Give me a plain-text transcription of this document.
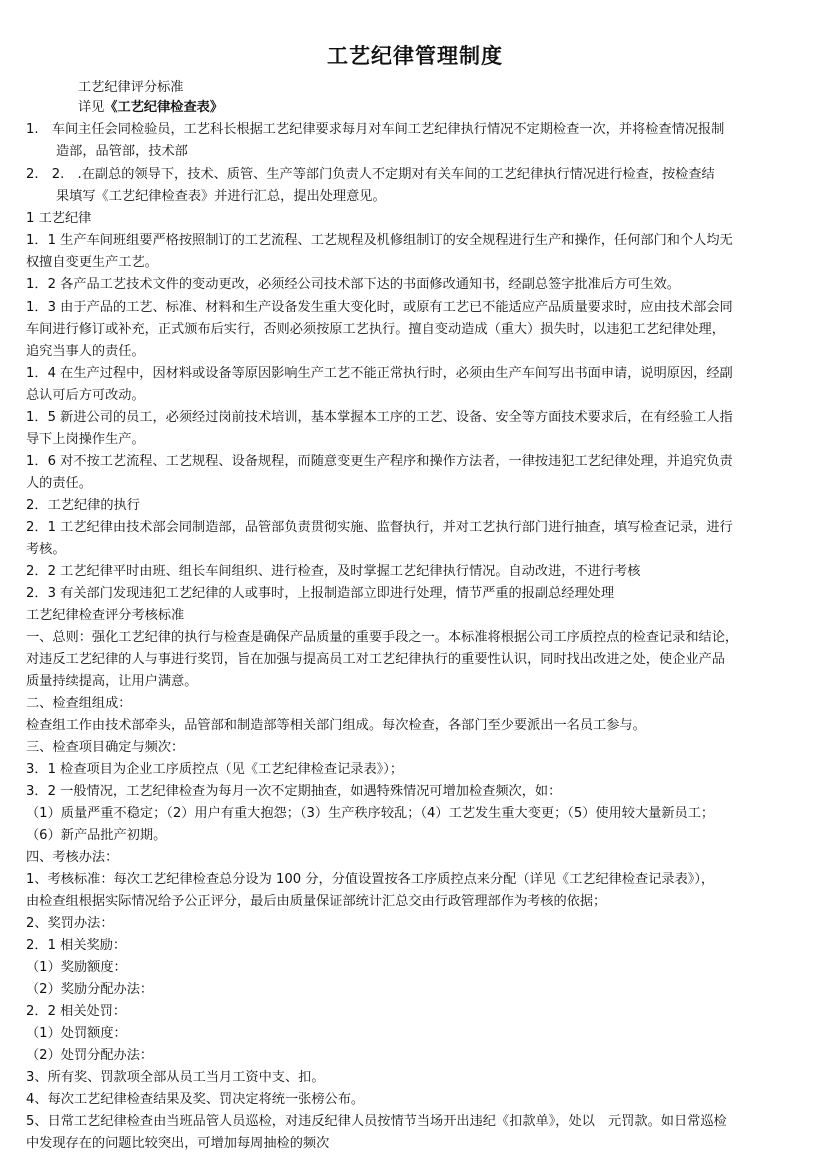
工艺纪律管理制度
工艺纪律评分标准
详见《工艺纪律检查表》
1.　车间主任会同检验员，工艺科长根据工艺纪律要求每月对车间工艺纪律执行情况不定期检查一次，并将检查情况报制
造部，品管部，技术部
2.　2.　.在副总的领导下，技术、质管、生产等部门负责人不定期对有关车间的工艺纪律执行情况进行检查，按检查结
果填写《工艺纪律检查表》并进行汇总，提出处理意见。
1 工艺纪律
1．1 生产车间班组要严格按照制订的工艺流程、工艺规程及机修组制订的安全规程进行生产和操作，任何部门和个人均无
权擅自变更生产工艺。
1．2 各产品工艺技术文件的变动更改，必须经公司技术部下达的书面修改通知书，经副总签字批准后方可生效。
1．3 由于产品的工艺、标准、材料和生产设备发生重大变化时，或原有工艺已不能适应产品质量要求时，应由技术部会同
车间进行修订或补充，正式颁布后实行，否则必须按原工艺执行。擅自变动造成（重大）损失时，以违犯工艺纪律处理，
追究当事人的责任。
1．4 在生产过程中，因材料或设备等原因影响生产工艺不能正常执行时，必须由生产车间写出书面申请，说明原因，经副
总认可后方可改动。
1．5 新进公司的员工，必须经过岗前技术培训，基本掌握本工序的工艺、设备、安全等方面技术要求后，在有经验工人指
导下上岗操作生产。
1．6 对不按工艺流程、工艺规程、设备规程，而随意变更生产程序和操作方法者，一律按违犯工艺纪律处理，并追究负责
人的责任。
2．工艺纪律的执行
2．1 工艺纪律由技术部会同制造部，品管部负责贯彻实施、监督执行，并对工艺执行部门进行抽查，填写检查记录，进行
考核。
2．2 工艺纪律平时由班、组长车间组织、进行检查，及时掌握工艺纪律执行情况。自动改进，不进行考核
2．3 有关部门发现违犯工艺纪律的人或事时，上报制造部立即进行处理，情节严重的报副总经理处理
工艺纪律检查评分考核标准
一、总则：强化工艺纪律的执行与检查是确保产品质量的重要手段之一。本标准将根据公司工序质控点的检查记录和结论，
对违反工艺纪律的人与事进行奖罚，旨在加强与提高员工对工艺纪律执行的重要性认识，同时找出改进之处，使企业产品
质量持续提高，让用户满意。
二、检查组组成：
检查组工作由技术部牵头，品管部和制造部等相关部门组成。每次检查，各部门至少要派出一名员工参与。
三、检查项目确定与频次：
3．1 检查项目为企业工序质控点（见《工艺纪律检查记录表》）；
3．2 一般情况，工艺纪律检查为每月一次不定期抽查，如遇特殊情况可增加检查频次，如：
（1）质量严重不稳定；（2）用户有重大抱怨；（3）生产秩序较乱；（4）工艺发生重大变更；（5）使用较大量新员工；
（6）新产品批产初期。
四、考核办法：
1、考核标准：每次工艺纪律检查总分设为 100 分，分值设置按各工序质控点来分配（详见《工艺纪律检查记录表》），
由检查组根据实际情况给予公正评分，最后由质量保证部统计汇总交由行政管理部作为考核的依据；
2、奖罚办法：
2．1 相关奖励：
（1）奖励额度：
（2）奖励分配办法：
2．2 相关处罚：
（1）处罚额度：
（2）处罚分配办法：
3、所有奖、罚款项全部从员工当月工资中支、扣。
4、每次工艺纪律检查结果及奖、罚决定将统一张榜公布。
5、日常工艺纪律检查由当班品管人员巡检，对违反纪律人员按情节当场开出违纪《扣款单》，处以　元罚款。如日常巡检
中发现存在的问题比较突出，可增加每周抽检的频次
